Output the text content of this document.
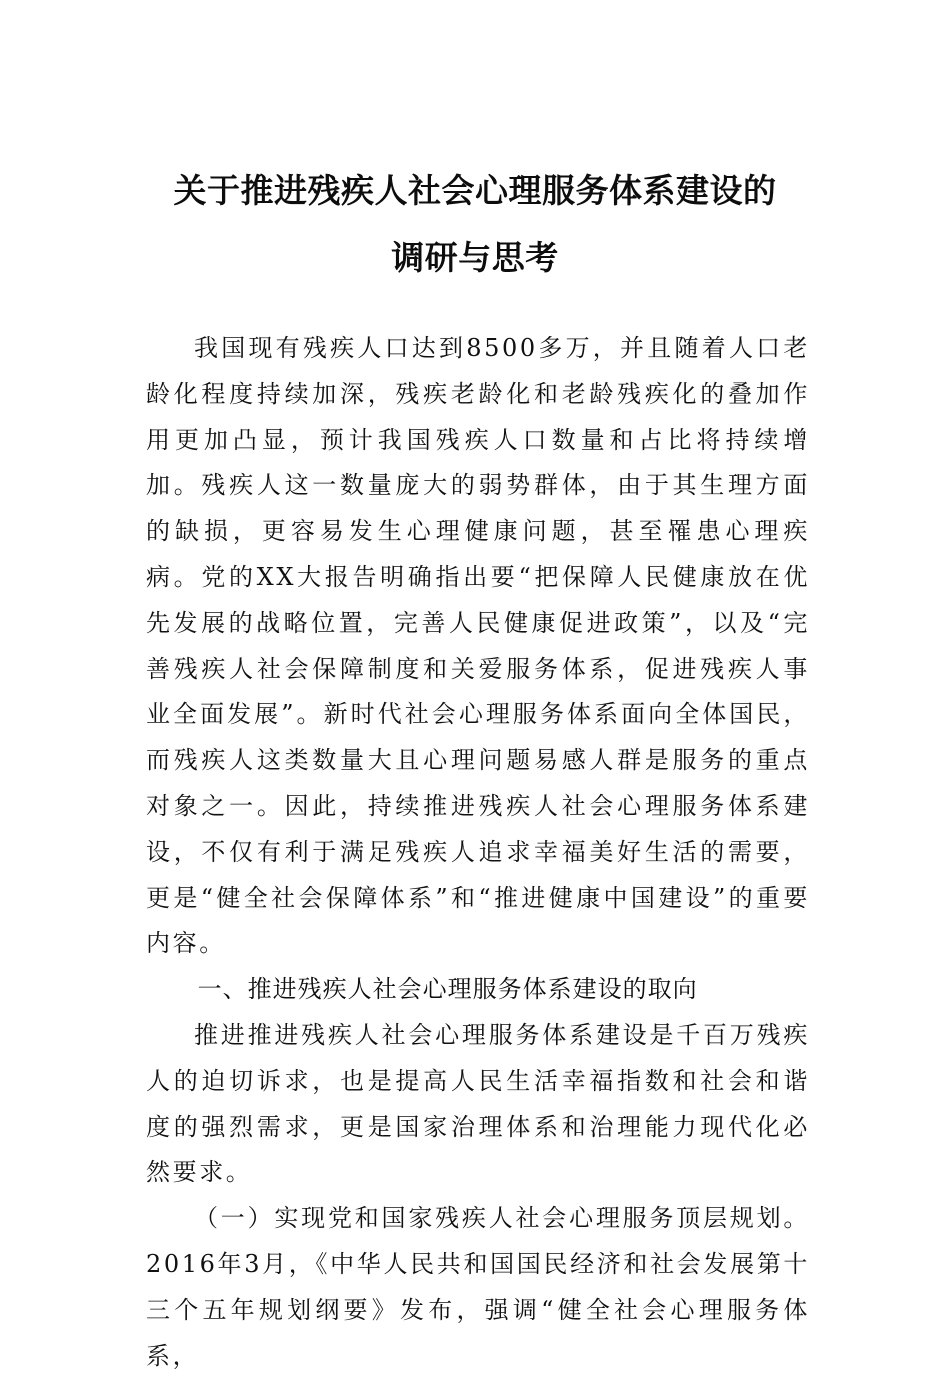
关于推进残疾人社会心理服务体系建设的
调研与思考

我国现有残疾人口达到8500多万，并且随着人口老龄化程度持续加深，残疾老龄化和老龄残疾化的叠加作用更加凸显，预计我国残疾人口数量和占比将持续增加。残疾人这一数量庞大的弱势群体，由于其生理方面的缺损，更容易发生心理健康问题，甚至罹患心理疾病。党的XX大报告明确指出要“把保障人民健康放在优先发展的战略位置，完善人民健康促进政策”，以及“完善残疾人社会保障制度和关爱服务体系，促进残疾人事业全面发展”。新时代社会心理服务体系面向全体国民，而残疾人这类数量大且心理问题易感人群是服务的重点对象之一。因此，持续推进残疾人社会心理服务体系建设，不仅有利于满足残疾人追求幸福美好生活的需要，更是“健全社会保障体系”和“推进健康中国建设”的重要内容。

一、推进残疾人社会心理服务体系建设的取向

推进推进残疾人社会心理服务体系建设是千百万残疾人的迫切诉求，也是提高人民生活幸福指数和社会和谐度的强烈需求，更是国家治理体系和治理能力现代化必然要求。

（一）实现党和国家残疾人社会心理服务顶层规划。2016年3月，《中华人民共和国国民经济和社会发展第十三个五年规划纲要》发布，强调“健全社会心理服务体系，
